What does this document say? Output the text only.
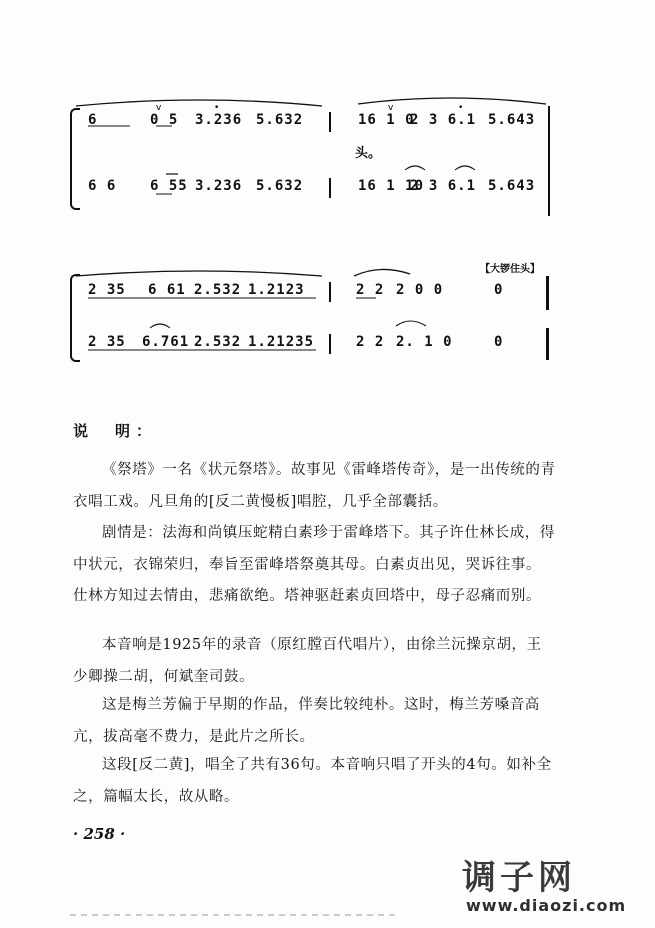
v	•	•
v
6	0 5 3.236 5.632	16 1 0
2 3 6.1 5.643
头。
6 6 6 55 3.236 5.632	16 1 10
2 3 6.1 5.643
【大锣住头】
2 35 6 61 2.532 1.2123	2 2 2 0 0	0
2 35 6.761 2.532 1.21235	2 2 2. 1 0	0
说　明：

《祭塔》一名《状元祭塔》。故事见《雷峰塔传奇》，是一出传统的青衣唱工戏。凡旦角的[反二黄慢板]唱腔，几乎全部囊括。

剧情是：法海和尚镇压蛇精白素珍于雷峰塔下。其子许仕林长成，得中状元，衣锦荣归，奉旨至雷峰塔祭奠其母。白素贞出见，哭诉往事。仕林方知过去情由，悲痛欲绝。塔神驱赶素贞回塔中，母子忍痛而别。

本音响是1925年的录音（原红膛百代唱片），由徐兰沅操京胡，王少卿操二胡，何斌奎司鼓。

这是梅兰芳偏于早期的作品，伴奏比较纯朴。这时，梅兰芳嗓音高亢，拔高毫不费力，是此片之所长。

这段[反二黄]，唱全了共有36句。本音响只唱了开头的4句。如补全之，篇幅太长，故从略。

· 258 ·
调子网
www.diaozi.com
